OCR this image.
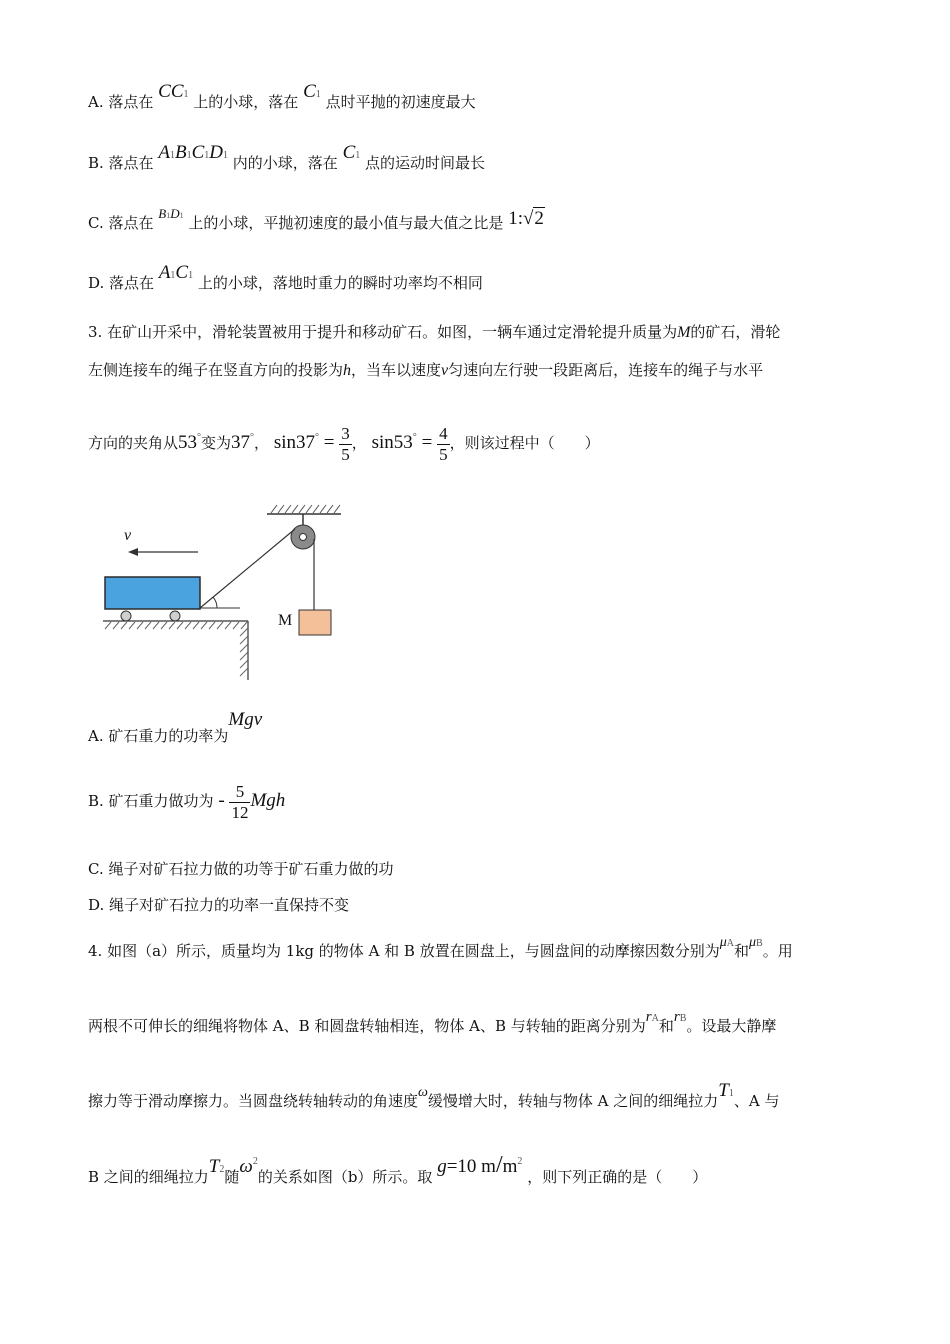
A. 落点在 CC1 上的小球，落在 C1 点时平抛的初速度最大
B. 落点在 A1B1C1D1 内的小球，落在 C1 点的运动时间最长
C. 落点在 B1D1 上的小球，平抛初速度的最小值与最大值之比是 1:√2
D. 落点在 A1C1 上的小球，落地时重力的瞬时功率均不相同
3. 在矿山开采中，滑轮装置被用于提升和移动矿石。如图，一辆车通过定滑轮提升质量为M的矿石，滑轮
左侧连接车的绳子在竖直方向的投影为h，当车以速度v匀速向左行驶一段距离后，连接车的绳子与水平
方向的夹角从53°变为37°， $\sin 37^\circ = \frac{3}{5}$ ， $\sin 53^\circ = \frac{4}{5}$ ，则该过程中（　　）
v
M
A. 矿石重力的功率为Mgv
B. 矿石重力做功为 - $\frac{5}{12}$ Mgh
C. 绳子对矿石拉力做的功等于矿石重力做的功
D. 绳子对矿石拉力的功率一直保持不变
4. 如图（a）所示，质量均为 1kg 的物体 A 和 B 放置在圆盘上，与圆盘间的动摩擦因数分别为μA和μB。用
两根不可伸长的细绳将物体 A、B 和圆盘转轴相连，物体 A、B 与转轴的距离分别为rA和rB。设最大静摩
擦力等于滑动摩擦力。当圆盘绕转轴转动的角速度ω缓慢增大时，转轴与物体 A 之间的细绳拉力T1、A 与
B 之间的细绳拉力T2随$\omega^2$的关系如图（b）所示。取 g=10 $m/m^2$ ，则下列正确的是（　　）
